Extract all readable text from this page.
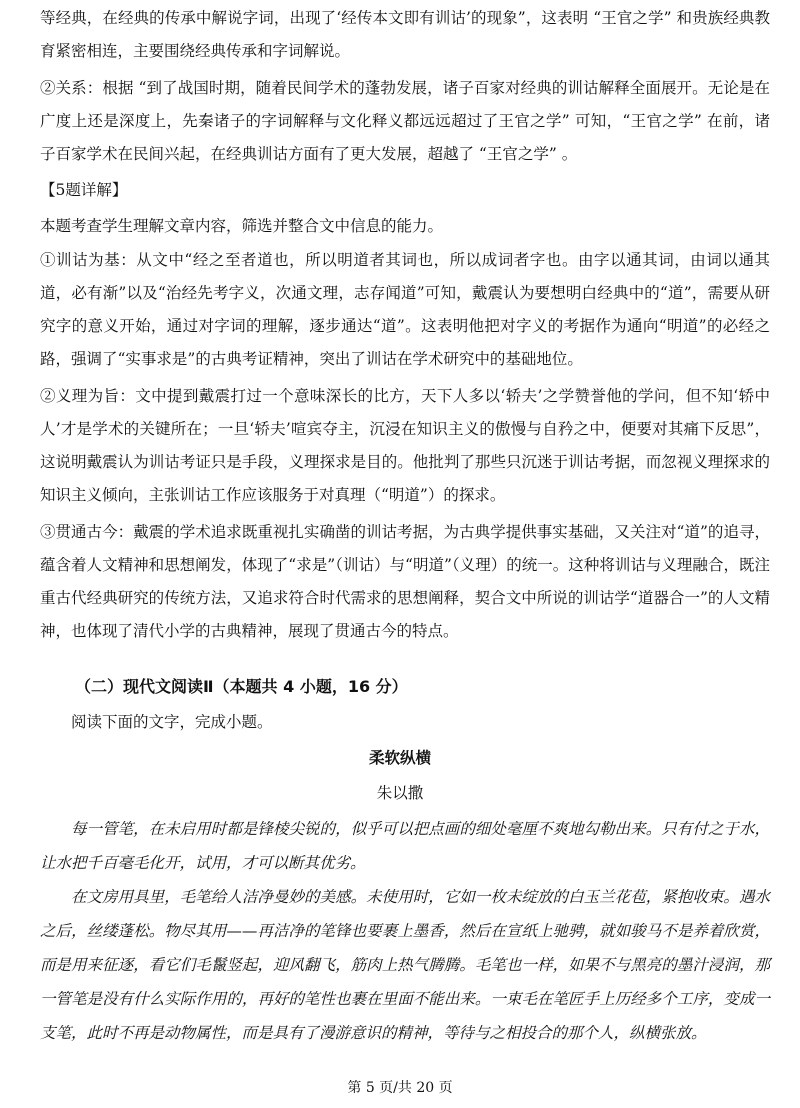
等经典，在经典的传承中解说字词，出现了‘经传本文即有训诂’的现象”，这表明 “王官之学” 和贵族经典教育紧密相连，主要围绕经典传承和字词解说。

②关系：根据 “到了战国时期，随着民间学术的蓬勃发展，诸子百家对经典的训诂解释全面展开。无论是在广度上还是深度上，先秦诸子的字词解释与文化释义都远远超过了王官之学” 可知，“王官之学” 在前，诸子百家学术在民间兴起，在经典训诂方面有了更大发展，超越了 “王官之学” 。

【5题详解】

本题考查学生理解文章内容，筛选并整合文中信息的能力。

①训诂为基：从文中“经之至者道也，所以明道者其词也，所以成词者字也。由字以通其词，由词以通其道，必有渐”以及“治经先考字义，次通文理，志存闻道”可知，戴震认为要想明白经典中的“道”，需要从研究字的意义开始，通过对字词的理解，逐步通达“道”。这表明他把对字义的考据作为通向“明道”的必经之路，强调了“实事求是”的古典考证精神，突出了训诂在学术研究中的基础地位。

②义理为旨：文中提到戴震打过一个意味深长的比方，天下人多以‘轿夫’之学赞誉他的学问，但不知‘轿中人’才是学术的关键所在；一旦‘轿夫’喧宾夺主，沉浸在知识主义的傲慢与自矜之中，便要对其痛下反思”，这说明戴震认为训诂考证只是手段，义理探求是目的。他批判了那些只沉迷于训诂考据，而忽视义理探求的知识主义倾向，主张训诂工作应该服务于对真理（“明道”）的探求。

③贯通古今：戴震的学术追求既重视扎实确凿的训诂考据，为古典学提供事实基础，又关注对“道”的追寻，蕴含着人文精神和思想阐发，体现了“求是”（训诂）与“明道”（义理）的统一。这种将训诂与义理融合，既注重古代经典研究的传统方法，又追求符合时代需求的思想阐释，契合文中所说的训诂学“道器合一”的人文精神，也体现了清代小学的古典精神，展现了贯通古今的特点。

（二）现代文阅读Ⅱ（本题共 4 小题，16 分）

阅读下面的文字，完成小题。

柔软纵横
朱以撒

每一管笔，在未启用时都是锋棱尖锐的，似乎可以把点画的细处毫厘不爽地勾勒出来。只有付之于水，让水把千百毫毛化开，试用，才可以断其优劣。

在文房用具里，毛笔给人洁净曼妙的美感。未使用时，它如一枚未绽放的白玉兰花苞，紧抱收束。遇水之后，丝缕蓬松。物尽其用——再洁净的笔锋也要裹上墨香，然后在宣纸上驰骋，就如骏马不是养着欣赏，而是用来征逐，看它们毛鬣竖起，迎风翻飞，筋肉上热气腾腾。毛笔也一样，如果不与黑亮的墨汁浸润，那一管笔是没有什么实际作用的，再好的笔性也裹在里面不能出来。一束毛在笔匠手上历经多个工序，变成一支笔，此时不再是动物属性，而是具有了漫游意识的精神，等待与之相投合的那个人，纵横张放。

第 5 页/共 20 页
